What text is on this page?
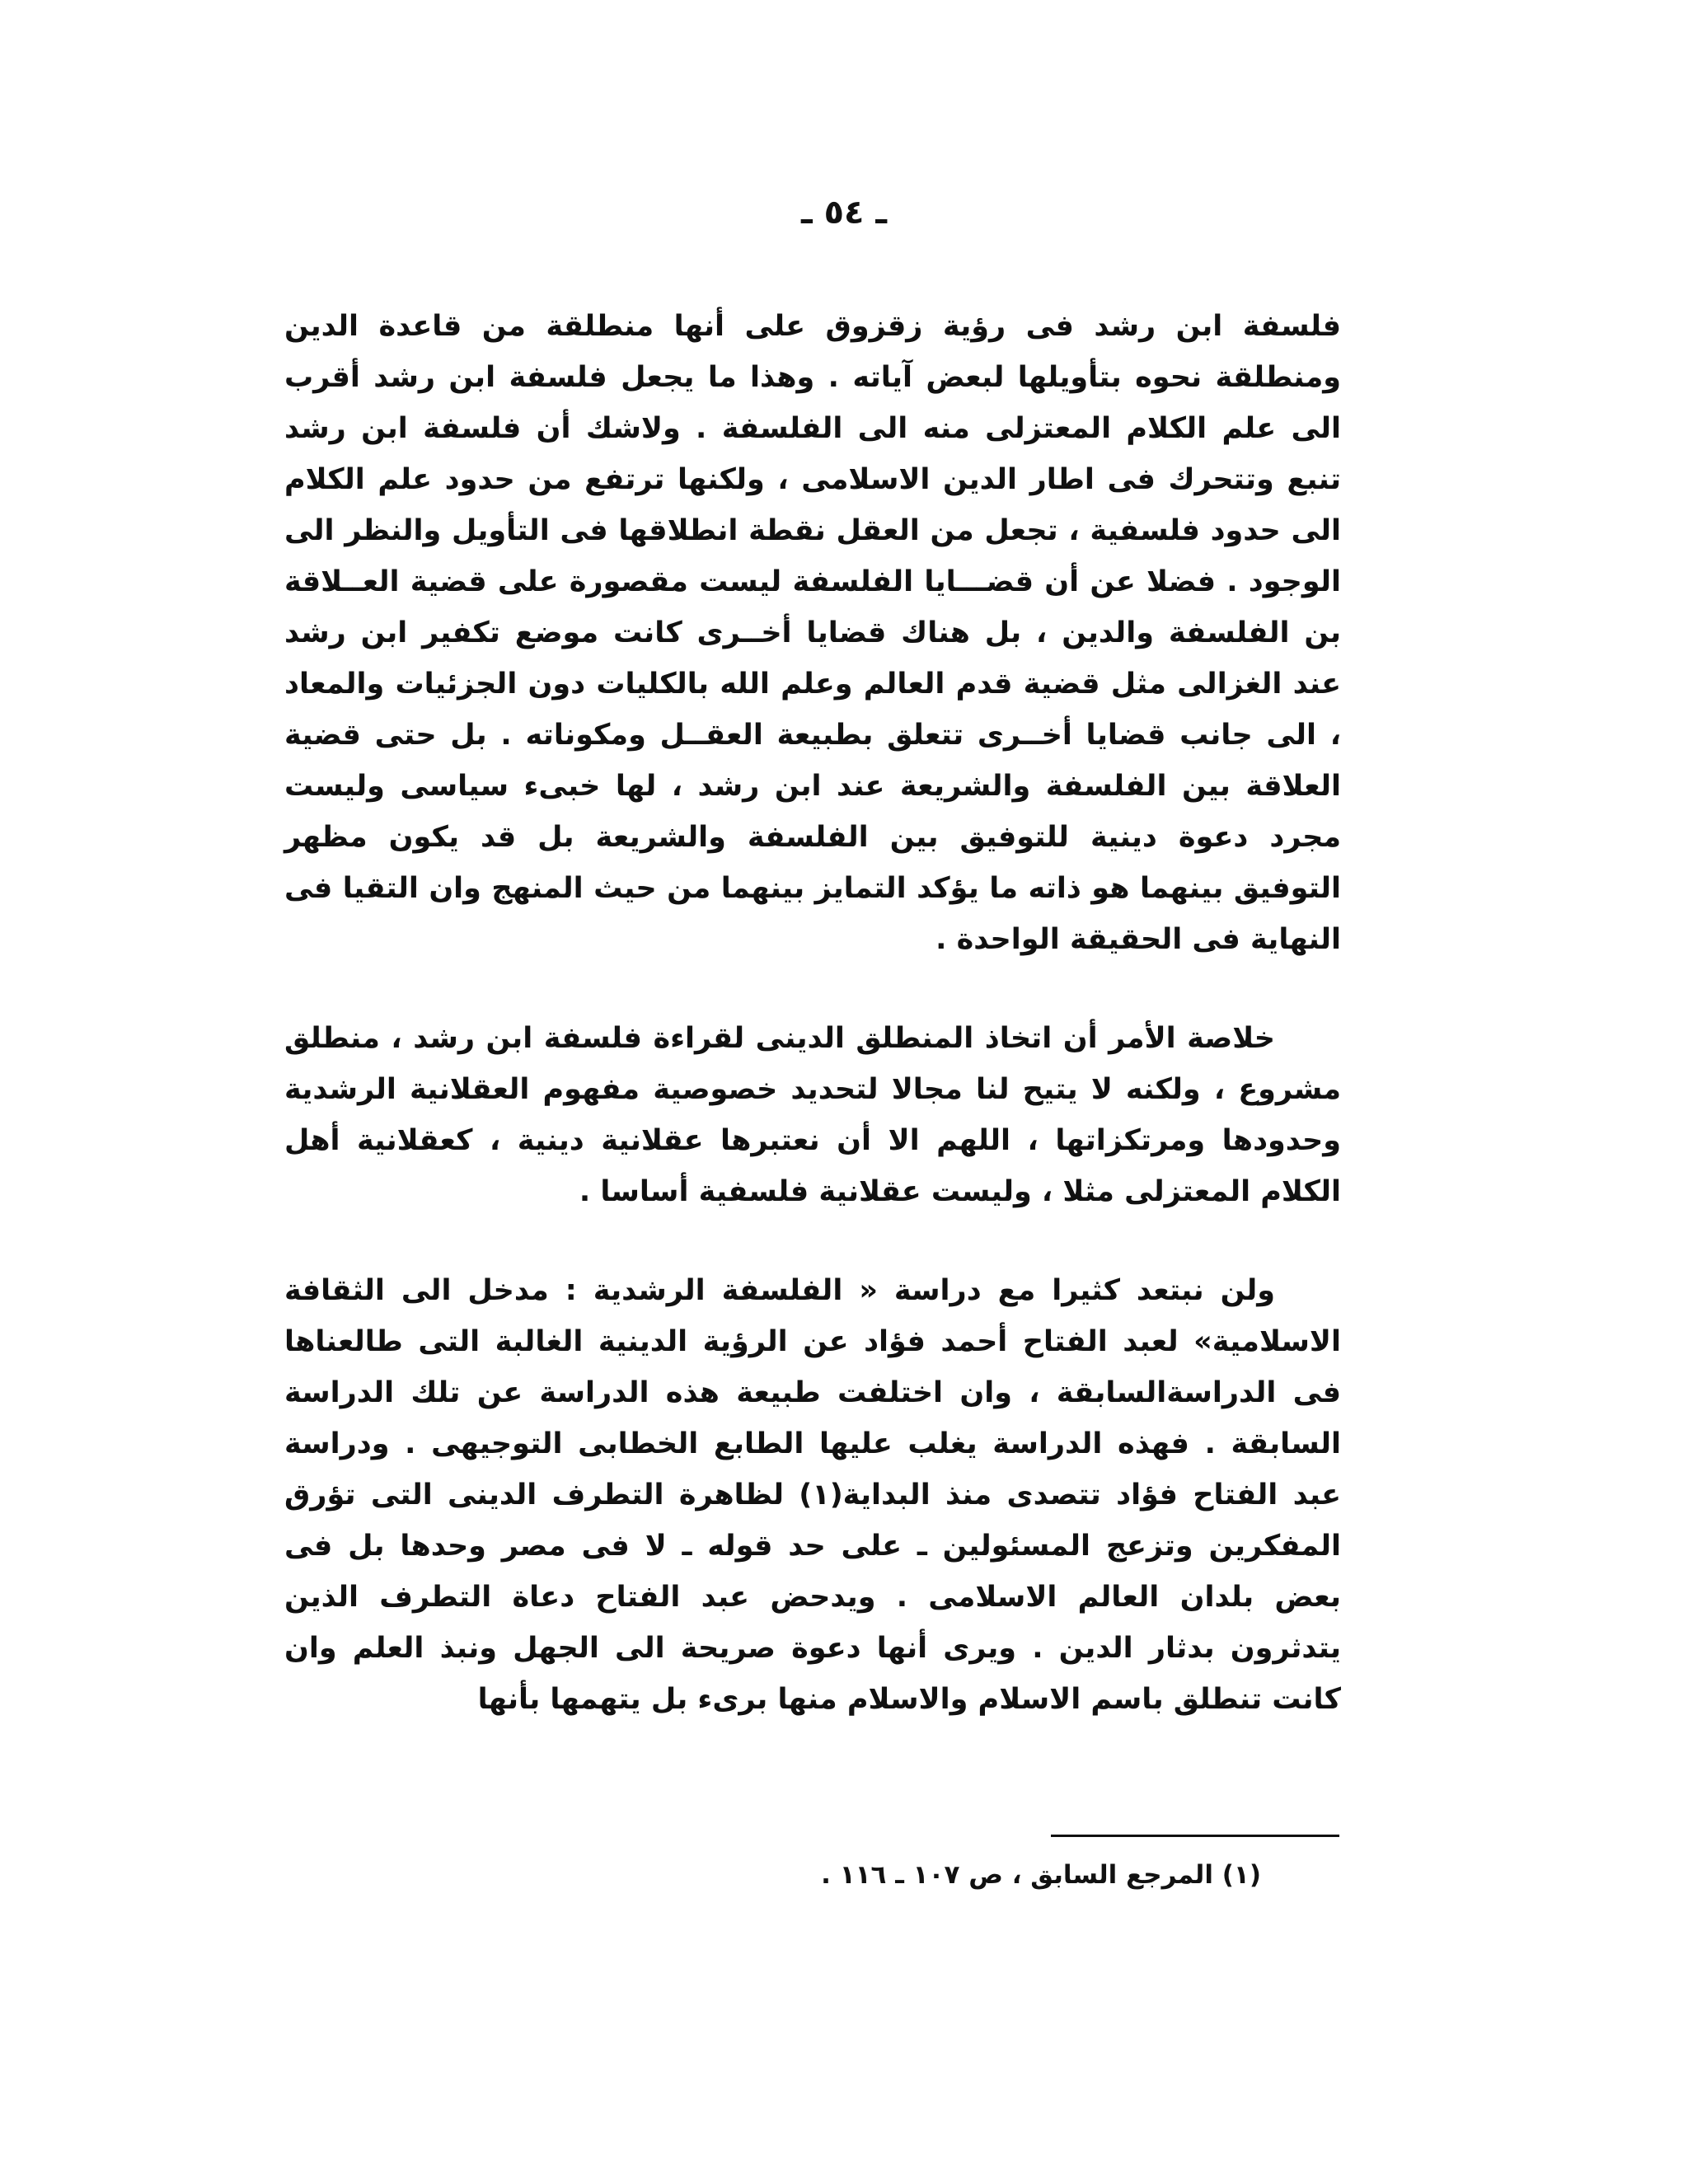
ـ ٥٤ ـ

فلسفة ابن رشد فى رؤية زقزوق على أنها منطلقة من قاعدة الدين ومنطلقة نحوه بتأويلها لبعض آياته . وهذا ما يجعل فلسفة ابن رشد أقرب الى علم الكلام المعتزلى منه الى الفلسفة . ولاشك أن فلسفة ابن رشد تنبع وتتحرك فى اطار الدين الاسلامى ، ولكنها ترتفع من حدود علم الكلام الى حدود فلسفية ، تجعل من العقل نقطة انطلاقها فى التأويل والنظر الى الوجود . فضلا عن أن قضـــايا الفلسفة ليست مقصورة على قضية العــلاقة بن الفلسفة والدين ، بل هناك قضايا أخــرى كانت موضع تكفير ابن رشد عند الغزالى مثل قضية قدم العالم وعلم الله بالكليات دون الجزئيات والمعاد ، الى جانب قضايا أخــرى تتعلق بطبيعة العقــل ومكوناته . بل حتى قضية العلاقة بين الفلسفة والشريعة عند ابن رشد ، لها خبىء سياسى وليست مجرد دعوة دينية للتوفيق بين الفلسفة والشريعة بل قد يكون مظهر التوفيق بينهما هو ذاته ما يؤكد التمايز بينهما من حيث المنهج وان التقيا فى النهاية فى الحقيقة الواحدة .

خلاصة الأمر أن اتخاذ المنطلق الدينى لقراءة فلسفة ابن رشد ، منطلق مشروع ، ولكنه لا يتيح لنا مجالا لتحديد خصوصية مفهوم العقلانية الرشدية وحدودها ومرتكزاتها ، اللهم الا أن نعتبرها عقلانية دينية ، كعقلانية أهل الكلام المعتزلى مثلا ، وليست عقلانية فلسفية أساسا .

ولن نبتعد كثيرا مع دراسة « الفلسفة الرشدية : مدخل الى الثقافة الاسلامية» لعبد الفتاح أحمد فؤاد عن الرؤية الدينية الغالبة التى طالعناها فى الدراسةالسابقة ، وان اختلفت طبيعة هذه الدراسة عن تلك الدراسة السابقة . فهذه الدراسة يغلب عليها الطابع الخطابى التوجيهى . ودراسة عبد الفتاح فؤاد تتصدى منذ البداية(١) لظاهرة التطرف الدينى التى تؤرق المفكرين وتزعج المسئولين ـ على حد قوله ـ لا فى مصر وحدها بل فى بعض بلدان العالم الاسلامى . ويدحض عبد الفتاح دعاة التطرف الذين يتدثرون بدثار الدين . ويرى أنها دعوة صريحة الى الجهل ونبذ العلم وان كانت تنطلق باسم الاسلام والاسلام منها برىء بل يتهمها بأنها

(١) المرجع السابق ، ص ١٠٧ ـ ١١٦ .
